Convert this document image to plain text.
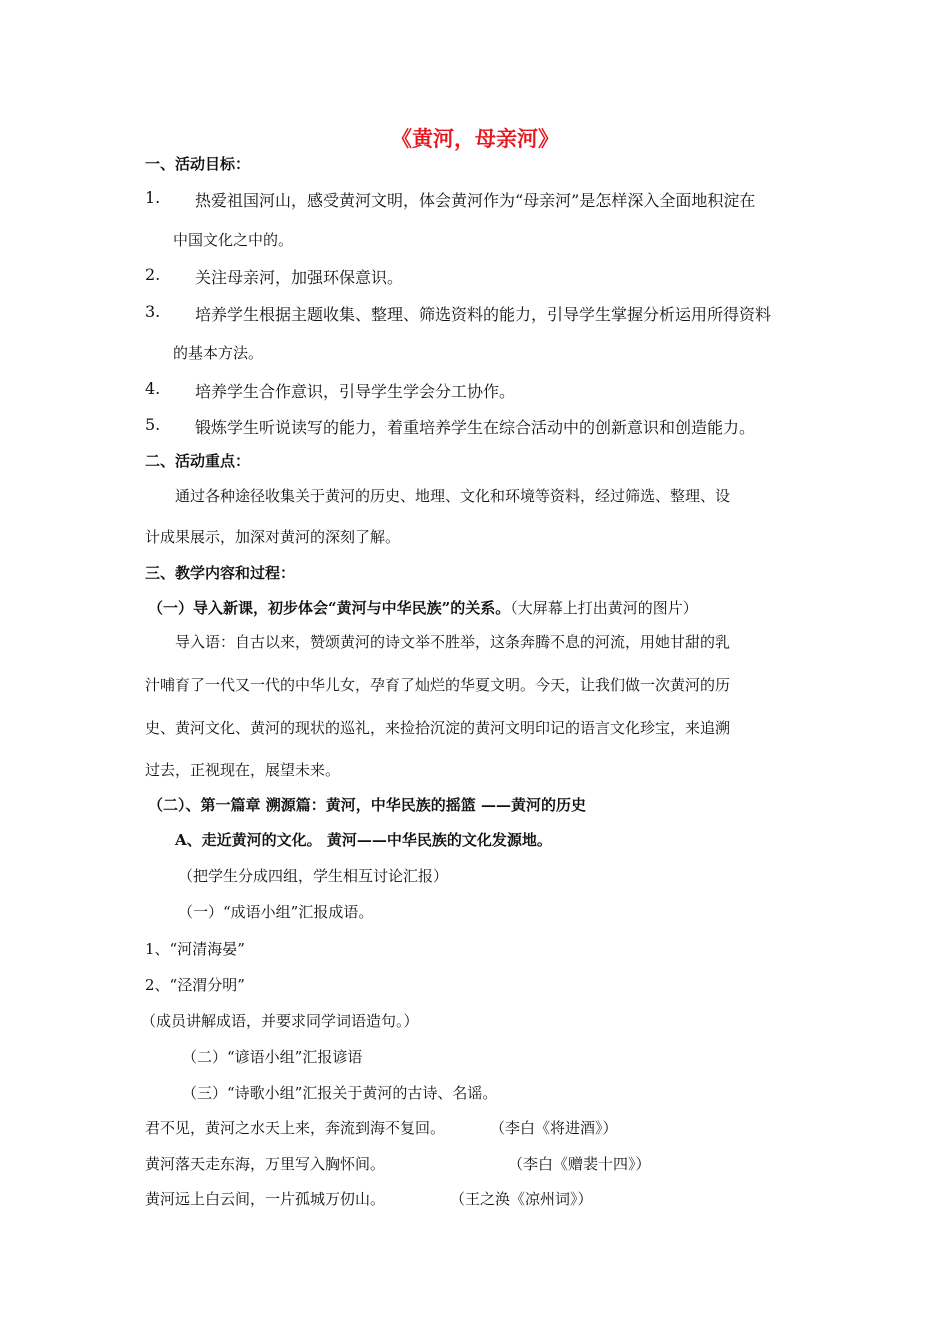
《黄河，母亲河》
一、活动目标：
1. 热爱祖国河山，感受黄河文明，体会黄河作为“母亲河”是怎样深入全面地积淀在
中国文化之中的。
2. 关注母亲河，加强环保意识。
3. 培养学生根据主题收集、整理、筛选资料的能力，引导学生掌握分析运用所得资料
的基本方法。
4. 培养学生合作意识，引导学生学会分工协作。
5. 锻炼学生听说读写的能力，着重培养学生在综合活动中的创新意识和创造能力。
二、活动重点：
通过各种途径收集关于黄河的历史、地理、文化和环境等资料，经过筛选、整理、设
计成果展示，加深对黄河的深刻了解。
三、教学内容和过程：
（一）导入新课，初步体会“黄河与中华民族”的关系。（大屏幕上打出黄河的图片）
导入语：自古以来，赞颂黄河的诗文举不胜举，这条奔腾不息的河流，用她甘甜的乳
汁哺育了一代又一代的中华儿女，孕育了灿烂的华夏文明。今天，让我们做一次黄河的历
史、黄河文化、黄河的现状的巡礼，来捡拾沉淀的黄河文明印记的语言文化珍宝，来追溯
过去，正视现在，展望未来。
（二）、第一篇章 溯源篇：黄河，中华民族的摇篮 ——黄河的历史
A、走近黄河的文化。 黄河——中华民族的文化发源地。
（把学生分成四组，学生相互讨论汇报）
（一）“成语小组”汇报成语。
1、“河清海晏”
2、“泾渭分明”
（成员讲解成语，并要求同学词语造句。）
（二）“谚语小组”汇报谚语
（三）“诗歌小组”汇报关于黄河的古诗、名谣。
君不见，黄河之水天上来，奔流到海不复回。	（李白《将进酒》）
黄河落天走东海，万里写入胸怀间。	（李白《赠裴十四》）
黄河远上白云间，一片孤城万仞山。	（王之涣《凉州词》）
